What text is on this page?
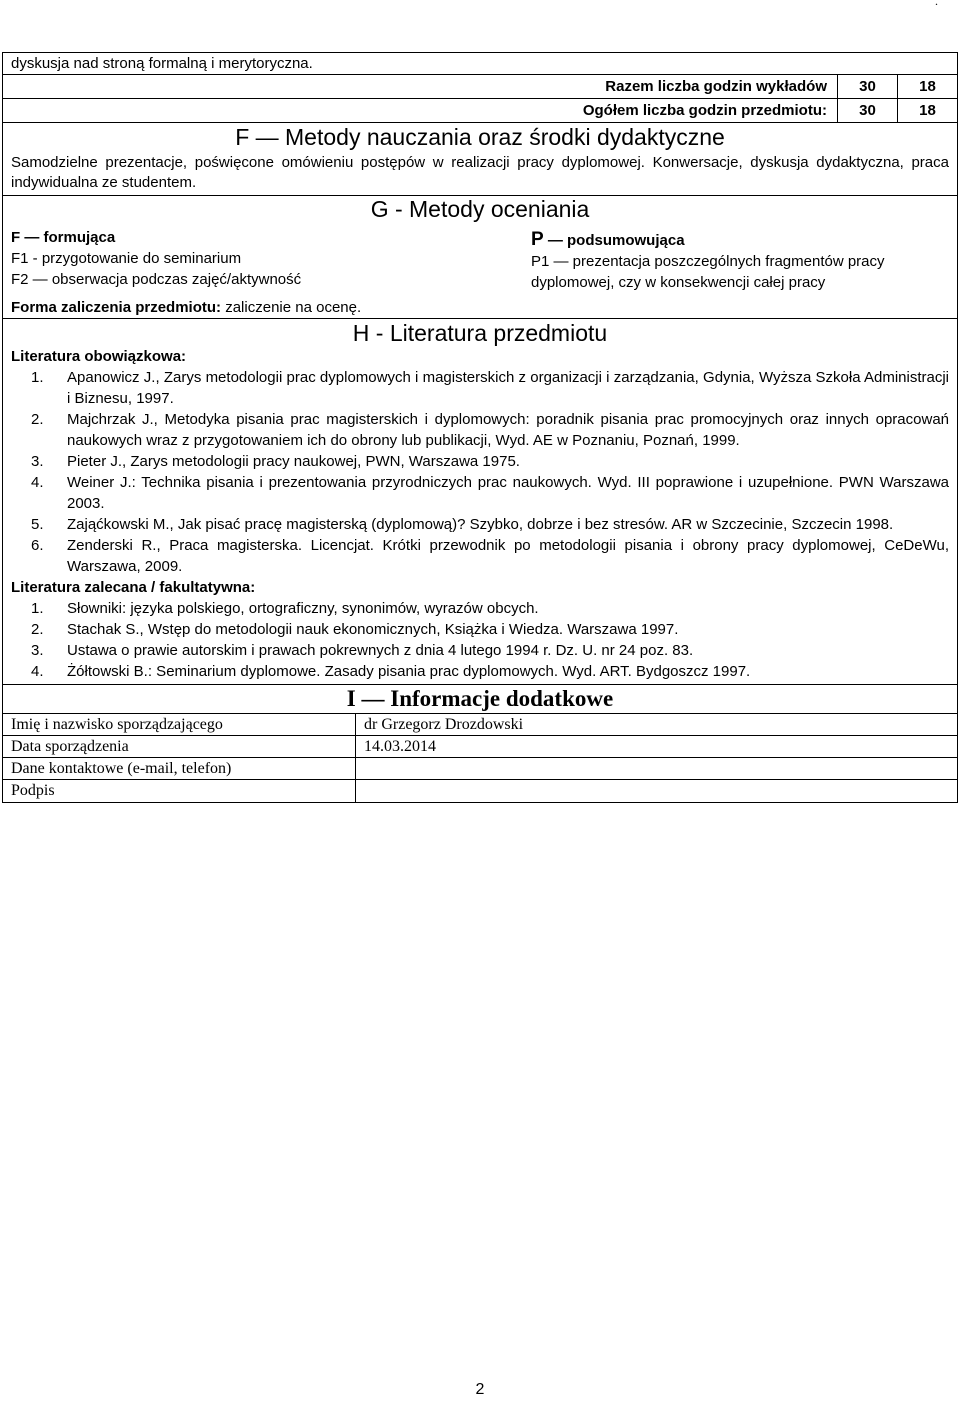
.
dyskusja nad stroną formalną i merytoryczna.
Razem liczba godzin wykładów	30	18
Ogółem liczba godzin przedmiotu:	30	18
F — Metody nauczania oraz środki dydaktyczne
Samodzielne prezentacje, poświęcone omówieniu postępów w realizacji pracy dyplomowej. Konwersacje, dyskusja dydaktyczna, praca indywidualna ze studentem.
G - Metody oceniania
F — formująca
F1 - przygotowanie do seminarium
F2 — obserwacja podczas zajęć/aktywność
P — podsumowująca
P1 — prezentacja poszczególnych fragmentów pracy dyplomowej, czy w konsekwencji całej pracy
Forma zaliczenia przedmiotu: zaliczenie na ocenę.
H - Literatura przedmiotu
Literatura obowiązkowa:
1.	Apanowicz J., Zarys metodologii prac dyplomowych i magisterskich z organizacji i zarządzania, Gdynia, Wyższa Szkoła Administracji i Biznesu, 1997.
2.	Majchrzak J., Metodyka pisania prac magisterskich i dyplomowych: poradnik pisania prac promocyjnych oraz innych opracowań naukowych wraz z przygotowaniem ich do obrony lub publikacji, Wyd. AE w Poznaniu, Poznań, 1999.
3.	Pieter J., Zarys metodologii pracy naukowej, PWN, Warszawa 1975.
4.	Weiner J.: Technika pisania i prezentowania przyrodniczych prac naukowych. Wyd. III poprawione i uzupełnione. PWN Warszawa 2003.
5.	Zająćkowski M., Jak pisać pracę magisterską (dyplomową)? Szybko, dobrze i bez stresów. AR w Szczecinie, Szczecin 1998.
6.	Zenderski R., Praca magisterska. Licencjat. Krótki przewodnik po metodologii pisania i obrony pracy dyplomowej, CeDeWu, Warszawa, 2009.
Literatura zalecana / fakultatywna:
1.	Słowniki: języka polskiego, ortograficzny, synonimów, wyrazów obcych.
2.	Stachak S., Wstęp do metodologii nauk ekonomicznych, Książka i Wiedza. Warszawa 1997.
3.	Ustawa o prawie autorskim i prawach pokrewnych z dnia 4 lutego 1994 r. Dz. U. nr 24 poz. 83.
4.	Żółtowski B.: Seminarium dyplomowe. Zasady pisania prac dyplomowych. Wyd. ART. Bydgoszcz 1997.
I — Informacje dodatkowe
Imię i nazwisko sporządzającego	dr Grzegorz Drozdowski
Data sporządzenia	14.03.2014
Dane kontaktowe (e-mail, telefon)
Podpis
2
